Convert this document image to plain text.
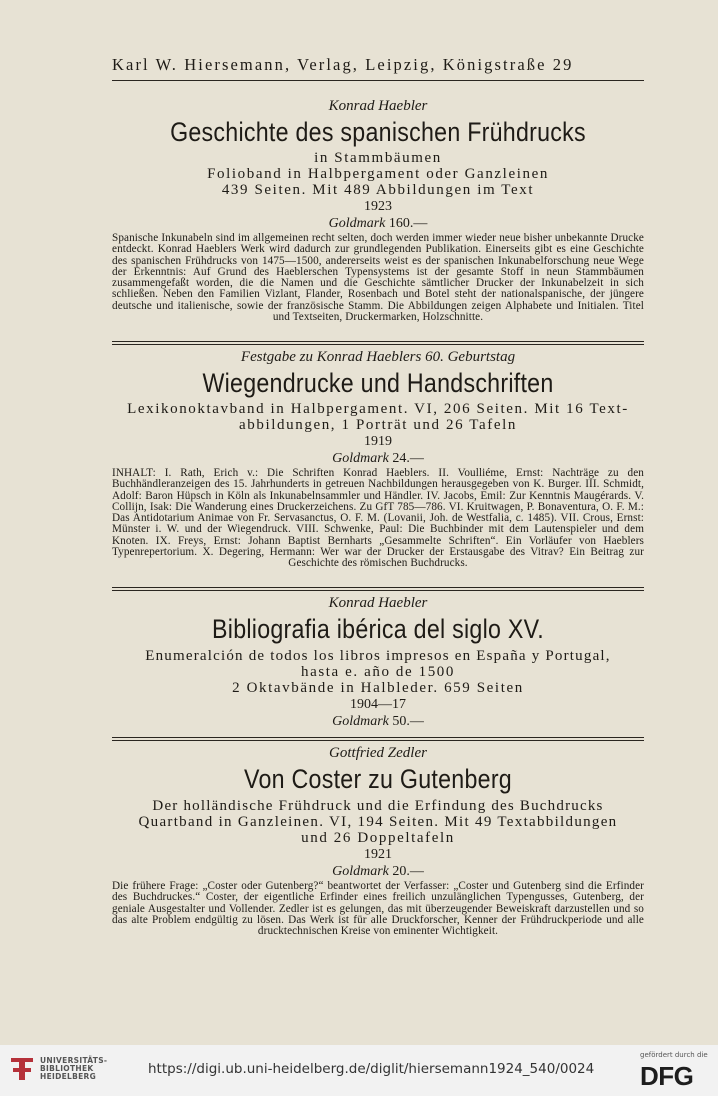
Karl W. Hiersemann, Verlag, Leipzig, Königstraße 29
Konrad Haebler
Geschichte des spanischen Frühdrucks
in Stammbäumen
Folioband in Halbpergament oder Ganzleinen
439 Seiten. Mit 489 Abbildungen im Text
1923
Goldmark 160.—
Spanische Inkunabeln sind im allgemeinen recht selten, doch werden immer wieder neue bisher unbekannte Drucke entdeckt. Konrad Haeblers Werk wird dadurch zur grundlegenden Publikation. Einerseits gibt es eine Geschichte des spanischen Frühdrucks von 1475—1500, andererseits weist es der spanischen Inkunabelforschung neue Wege der Erkenntnis: Auf Grund des Haeblerschen Typensystems ist der gesamte Stoff in neun Stammbäumen zusammengefaßt worden, die die Namen und die Geschichte sämtlicher Drucker der Inkunabelzeit in sich schließen. Neben den Familien Vizlant, Flander, Rosenbach und Botel steht der nationalspanische, der jüngere deutsche und italienische, sowie der französische Stamm. Die Abbildungen zeigen Alphabete und Initialen. Titel und Textseiten, Druckermarken, Holzschnitte.
Festgabe zu Konrad Haeblers 60. Geburtstag
Wiegendrucke und Handschriften
Lexikonoktavband in Halbpergament. VI, 206 Seiten. Mit 16 Text-
abbildungen, 1 Porträt und 26 Tafeln
1919
Goldmark 24.—
INHALT: I. Rath, Erich v.: Die Schriften Konrad Haeblers. II. Voulliéme, Ernst: Nachträge zu den Buchhändleranzeigen des 15. Jahrhunderts in getreuen Nachbildungen herausgegeben von K. Burger. III. Schmidt, Adolf: Baron Hüpsch in Köln als Inkunabelnsammler und Händler. IV. Jacobs, Emil: Zur Kenntnis Maugérards. V. Collijn, Isak: Die Wanderung eines Druckerzeichens. Zu GfT 785—786. VI. Kruitwagen, P. Bonaventura, O. F. M.: Das Antidotarium Animae von Fr. Servasanctus, O. F. M. (Lovanii, Joh. de Westfalia, c. 1485). VII. Crous, Ernst: Münster i. W. und der Wiegendruck. VIII. Schwenke, Paul: Die Buchbinder mit dem Lautenspieler und dem Knoten. IX. Freys, Ernst: Johann Baptist Bernharts „Gesammelte Schriften“. Ein Vorläufer von Haeblers Typenrepertorium. X. Degering, Hermann: Wer war der Drucker der Erstausgabe des Vitrav? Ein Beitrag zur Geschichte des römischen Buchdrucks.
Konrad Haebler
Bibliografia ibérica del siglo XV.
Enumeralción de todos los libros impresos en España y Portugal,
hasta e. año de 1500
2 Oktavbände in Halbleder. 659 Seiten
1904—17
Goldmark 50.—
Gottfried Zedler
Von Coster zu Gutenberg
Der holländische Frühdruck und die Erfindung des Buchdrucks
Quartband in Ganzleinen. VI, 194 Seiten. Mit 49 Textabbildungen
und 26 Doppeltafeln
1921
Goldmark 20.—
Die frühere Frage: „Coster oder Gutenberg?“ beantwortet der Verfasser: „Coster und Gutenberg sind die Erfinder des Buchdruckes.“ Coster, der eigentliche Erfinder eines freilich unzulänglichen Typengusses, Gutenberg, der geniale Ausgestalter und Vollender. Zedler ist es gelungen, das mit überzeugender Beweiskraft darzustellen und so das alte Problem endgültig zu lösen. Das Werk ist für alle Druckforscher, Kenner der Frühdruckperiode und alle drucktechnischen Kreise von eminenter Wichtigkeit.
UNIVERSITÄTS-
BIBLIOTHEK
HEIDELBERG	https://digi.ub.uni-heidelberg.de/diglit/hiersemann1924_540/0024
gefördert durch die
DFG
